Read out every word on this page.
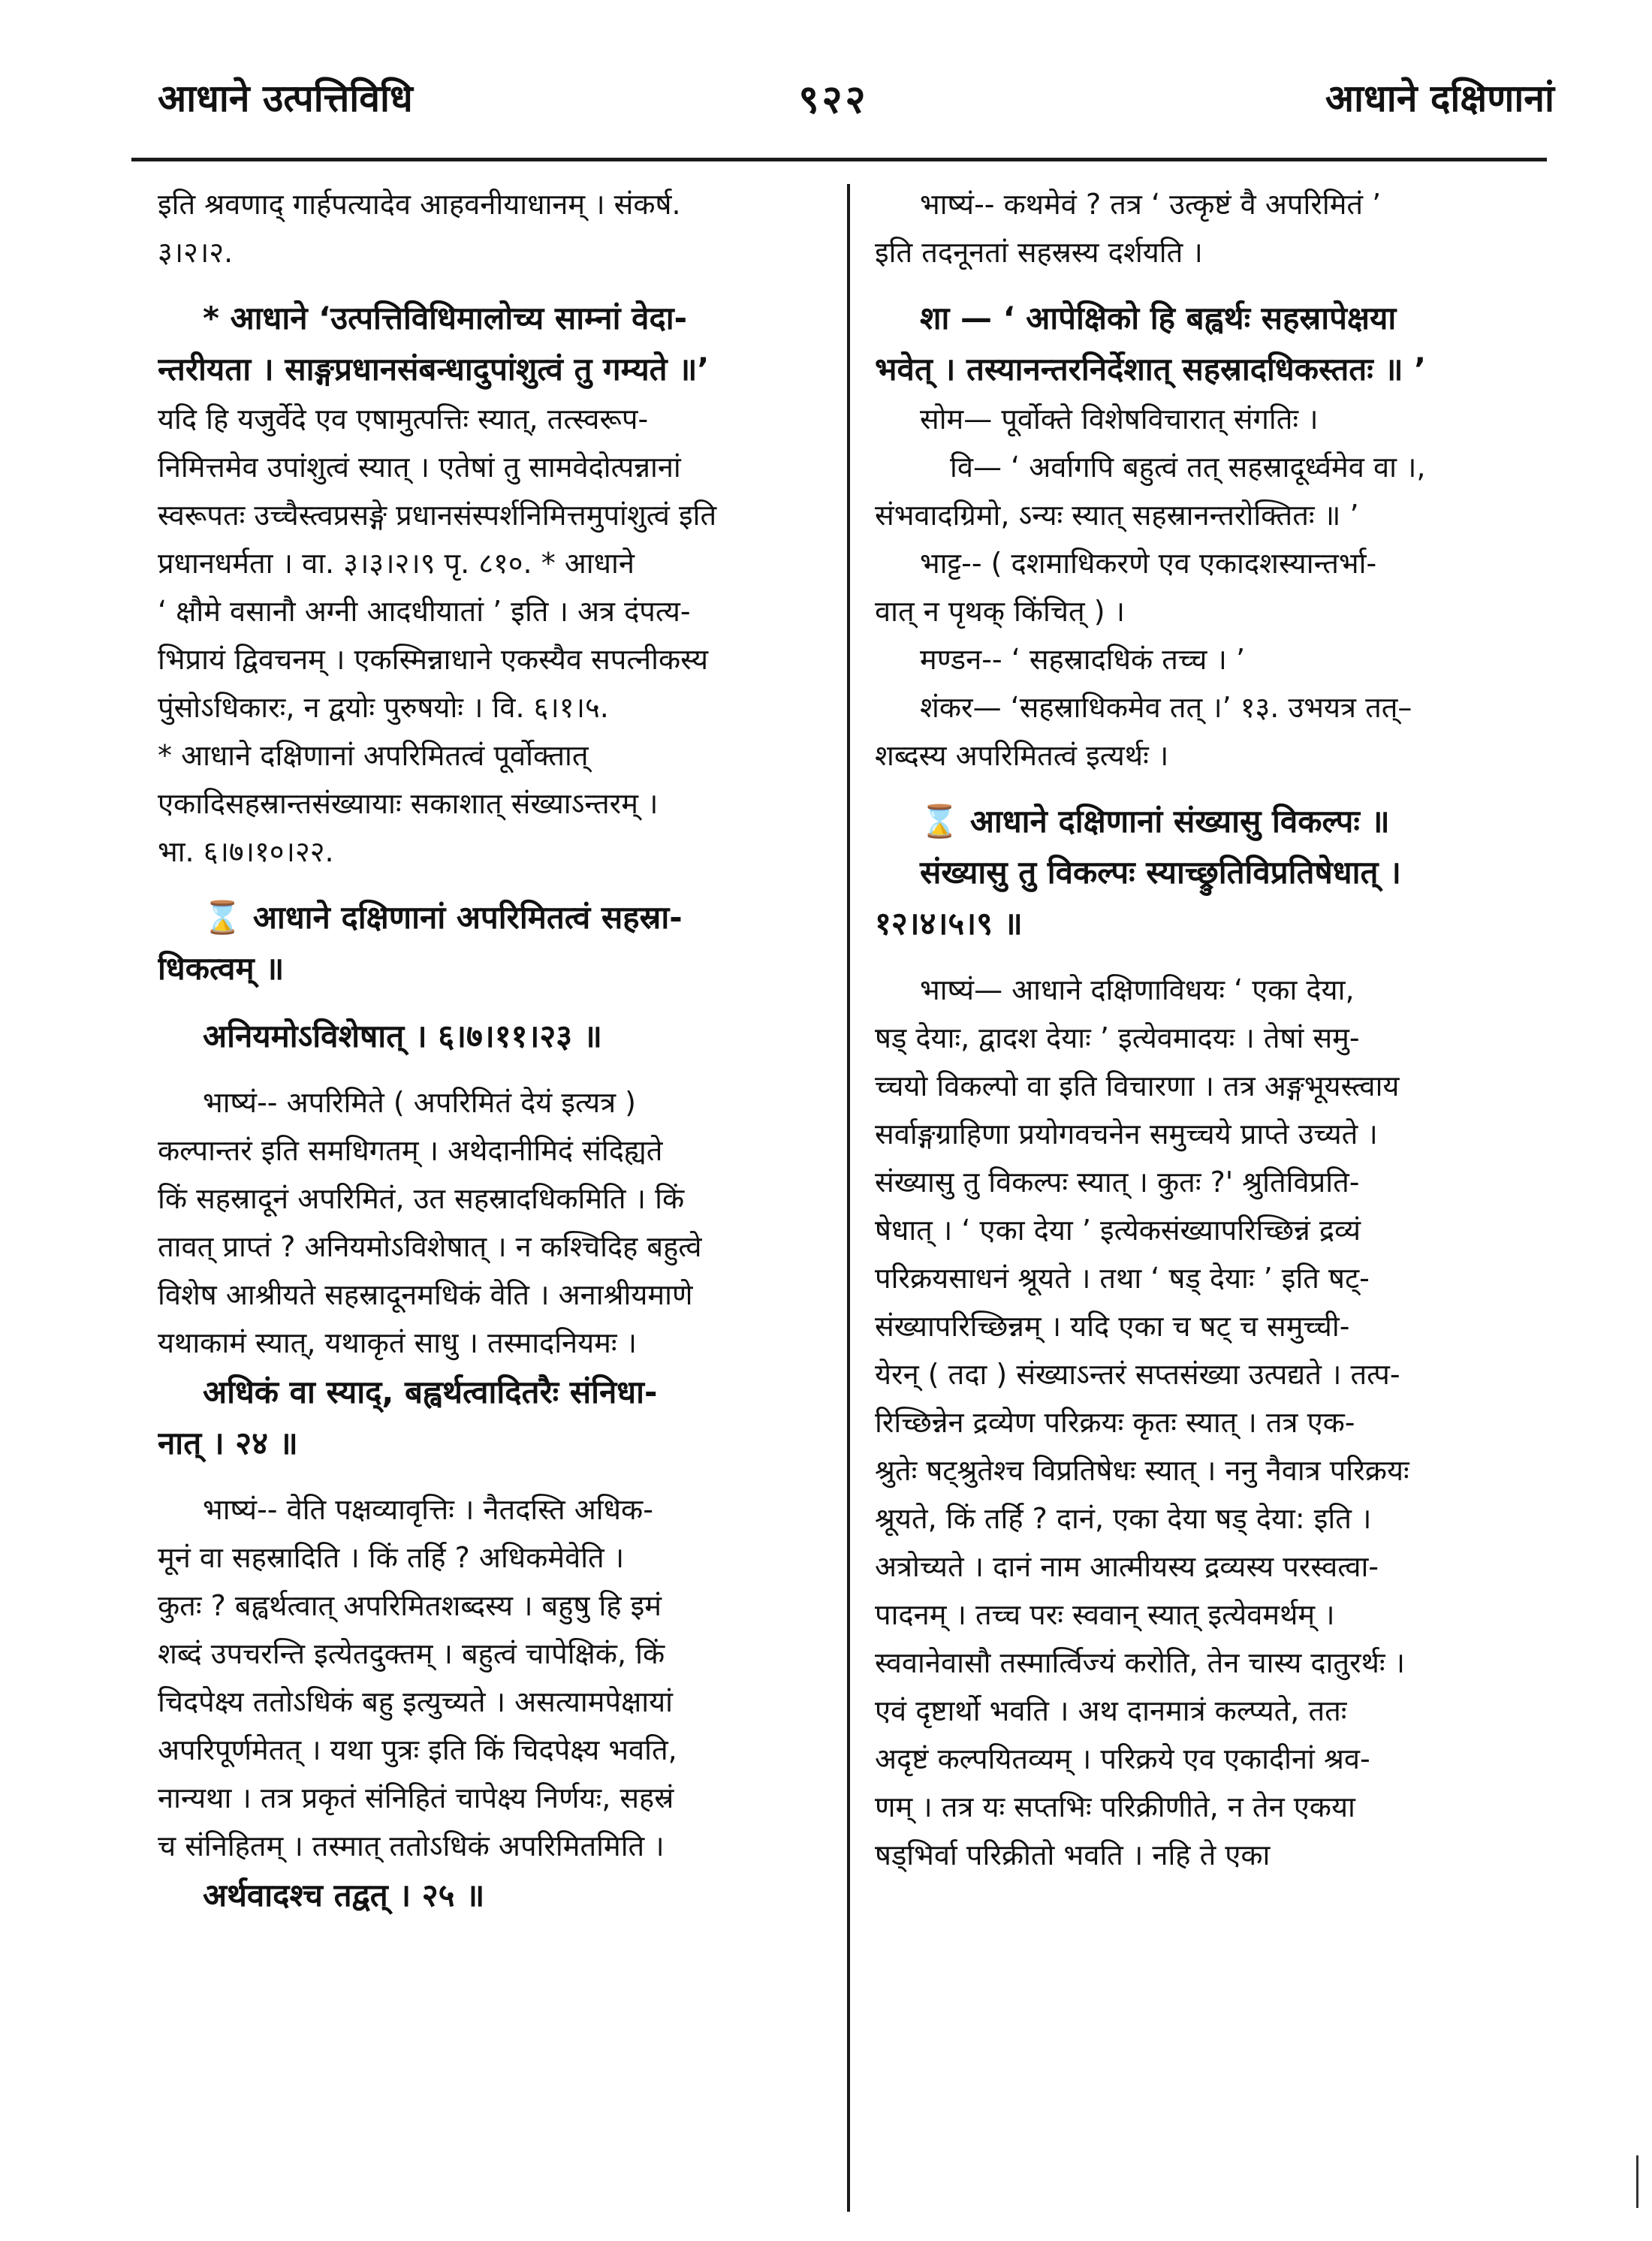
आधाने उत्पत्तिविधि	९२२	आधाने दक्षिणानां
इति श्रवणाद् गार्हपत्यादेव आहवनीयाधानम् । संकर्ष.
३।२।२.
* आधाने ‘उत्पत्तिविधिमालोच्य साम्नां वेदा-
न्तरीयता । साङ्गप्रधानसंबन्धादुपांशुत्वं तु गम्यते ॥’
यदि हि यजुर्वेदे एव एषामुत्पत्तिः स्यात्, तत्स्वरूप-
निमित्तमेव उपांशुत्वं स्यात् । एतेषां तु सामवेदोत्पन्नानां
स्वरूपतः उच्चैस्त्वप्रसङ्गे प्रधानसंस्पर्शनिमित्तमुपांशुत्वं इति
प्रधानधर्मता । वा. ३।३।२।९ पृ. ८१०. * आधाने
‘ क्षौमे वसानौ अग्नी आदधीयातां ’ इति । अत्र दंपत्य-
भिप्रायं द्विवचनम् । एकस्मिन्नाधाने एकस्यैव सपत्नीकस्य
पुंसोऽधिकारः, न द्वयोः पुरुषयोः । वि. ६।१।५.
* आधाने दक्षिणानां अपरिमितत्वं पूर्वोक्तात्
एकादिसहस्रान्तसंख्यायाः सकाशात् संख्याऽन्तरम् ।
भा. ६।७।१०।२२.
⌛ आधाने दक्षिणानां अपरिमितत्वं सहस्रा-
धिकत्वम् ॥
अनियमोऽविशेषात् । ६।७।११।२३ ॥
भाष्यं-- अपरिमिते ( अपरिमितं देयं इत्यत्र )
कल्पान्तरं इति समधिगतम् । अथेदानीमिदं संदिह्यते
किं सहस्रादूनं अपरिमितं, उत सहस्रादधिकमिति । किं
तावत् प्राप्तं ? अनियमोऽविशेषात् । न कश्चिदिह बहुत्वे
विशेष आश्रीयते सहस्रादूनमधिकं वेति । अनाश्रीयमाणे
यथाकामं स्यात्, यथाकृतं साधु । तस्मादनियमः ।
अधिकं वा स्याद्, बह्वर्थत्वादितरैः संनिधा-
नात् । २४ ॥
भाष्यं-- वेति पक्षव्यावृत्तिः । नैतदस्ति अधिक-
मूनं वा सहस्रादिति । किं तर्हि ? अधिकमेवेति ।
कुतः ? बह्वर्थत्वात् अपरिमितशब्दस्य । बहुषु हि इमं
शब्दं उपचरन्ति इत्येतदुक्तम् । बहुत्वं चापेक्षिकं, किं
चिदपेक्ष्य ततोऽधिकं बहु इत्युच्यते । असत्यामपेक्षायां
अपरिपूर्णमेतत् । यथा पुत्रः इति किं चिदपेक्ष्य भवति,
नान्यथा । तत्र प्रकृतं संनिहितं चापेक्ष्य निर्णयः, सहस्रं
च संनिहितम् । तस्मात् ततोऽधिकं अपरिमितमिति ।
अर्थवादश्च तद्वत् । २५ ॥
भाष्यं-- कथमेवं ? तत्र ‘ उत्कृष्टं वै अपरिमितं ’
इति तदनूनतां सहस्रस्य दर्शयति ।
शा — ‘ आपेक्षिको हि बह्वर्थः सहस्रापेक्षया
भवेत् । तस्यानन्तरनिर्देशात् सहस्रादधिकस्ततः ॥ ’
सोम— पूर्वोक्ते विशेषविचारात् संगतिः ।
वि— ‘ अर्वागपि बहुत्वं तत् सहस्रादूर्ध्वमेव वा ।,
संभवादग्रिमो, ऽन्यः स्यात् सहस्रानन्तरोक्तितः ॥ ’
भाट्ट-- ( दशमाधिकरणे एव एकादशस्यान्तर्भा-
वात् न पृथक् किंचित् ) ।
मण्डन-- ‘ सहस्रादधिकं तच्च । ’
शंकर— ‘सहस्राधिकमेव तत् ।’ १३. उभयत्र तत्–
शब्दस्य अपरिमितत्वं इत्यर्थः ।
⌛ आधाने दक्षिणानां संख्यासु विकल्पः ॥
संख्यासु तु विकल्पः स्याच्छ्रुतिविप्रतिषेधात् ।
१२।४।५।९ ॥
भाष्यं— आधाने दक्षिणाविधयः ‘ एका देया,
षड् देयाः, द्वादश देयाः ’ इत्येवमादयः । तेषां समु-
च्चयो विकल्पो वा इति विचारणा । तत्र अङ्गभूयस्त्वाय
सर्वाङ्गग्राहिणा प्रयोगवचनेन समुच्चये प्राप्ते उच्यते ।
संख्यासु तु विकल्पः स्यात् । कुतः ?' श्रुतिविप्रति-
षेधात् । ‘ एका देया ’ इत्येकसंख्यापरिच्छिन्नं द्रव्यं
परिक्रयसाधनं श्रूयते । तथा ‘ षड् देयाः ’ इति षट्-
संख्यापरिच्छिन्नम् । यदि एका च षट् च समुच्ची-
येरन् ( तदा ) संख्याऽन्तरं सप्तसंख्या उत्पद्यते । तत्प-
रिच्छिन्नेन द्रव्येण परिक्रयः कृतः स्यात् । तत्र एक-
श्रुतेः षट्श्रुतेश्च विप्रतिषेधः स्यात् । ननु नैवात्र परिक्रयः
श्रूयते, किं तर्हि ? दानं, एका देया षड् देया: इति ।
अत्रोच्यते । दानं नाम आत्मीयस्य द्रव्यस्य परस्वत्वा-
पादनम् । तच्च परः स्ववान् स्यात् इत्येवमर्थम् ।
स्ववानेवासौ तस्मार्त्विज्यं करोति, तेन चास्य दातुरर्थः ।
एवं दृष्टार्थो भवति । अथ दानमात्रं कल्प्यते, ततः
अदृष्टं कल्पयितव्यम् । परिक्रये एव एकादीनां श्रव-
णम् । तत्र यः सप्तभिः परिक्रीणीते, न तेन एकया
षड्भिर्वा परिक्रीतो भवति । नहि ते एका
